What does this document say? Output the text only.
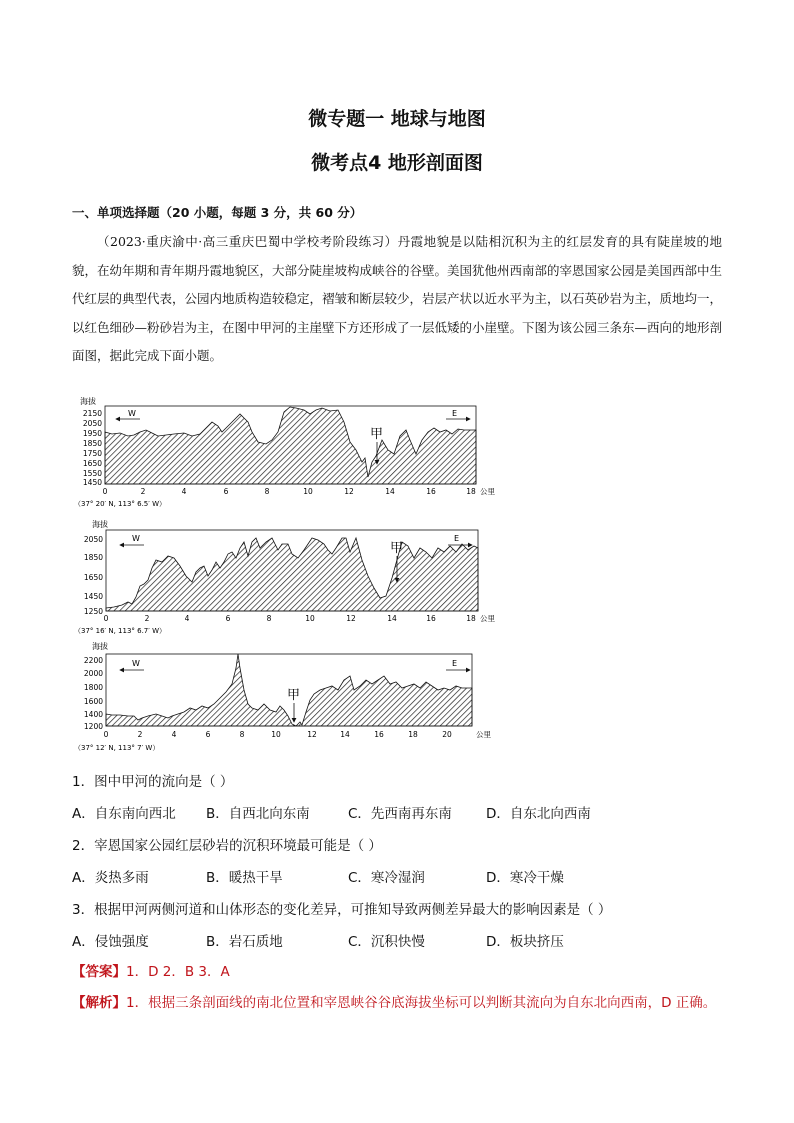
微专题一 地球与地图
微考点4 地形剖面图
一、单项选择题（20 小题，每题 3 分，共 60 分）

（2023·重庆渝中·高三重庆巴蜀中学校考阶段练习）丹霞地貌是以陆相沉积为主的红层发育的具有陡崖坡的地貌，在幼年期和青年期丹霞地貌区，大部分陡崖坡构成峡谷的谷壁。美国犹他州西南部的宰恩国家公园是美国西部中生代红层的典型代表，公园内地质构造较稳定，褶皱和断层较少，岩层产状以近水平为主，以石英砂岩为主，质地均一，以红色细砂—粉砂岩为主，在图中甲河的主崖壁下方还形成了一层低矮的小崖壁。下图为该公园三条东—西向的地形剖面图，据此完成下面小题。

海拔
2150
2050
1950
1850
1750
1650
1550
1450
0	2	4	6	8	10	12	14	16	18 公里
（37° 20′ N, 113° 6.5′ W）
W	E
甲
海拔
2050
1850
1650
1450
1250
0	2	4	6	8	10	12	14	16	18 公里
（37° 16′ N, 113° 6.7′ W）
W	E
甲
海拔
2200
2000
1800
1600
1400
1200
0	2	4	6	8	10	12	14	16	18	20	公里
（37° 12′ N, 113° 7′ W）
W	E
甲
1．图中甲河的流向是（ ）
A．自东南向西北 B．自西北向东南	C．先西南再东南	D．自东北向西南
2．宰恩国家公园红层砂岩的沉积环境最可能是（ ）
A．炎热多雨	B．暖热干旱	C．寒冷湿润	D．寒冷干燥
3．根据甲河两侧河道和山体形态的变化差异，可推知导致两侧差异最大的影响因素是（ ）
A．侵蚀强度	B．岩石质地	C．沉积快慢	D．板块挤压
【答案】1．D 2．B 3．A
【解析】1．根据三条剖面线的南北位置和宰恩峡谷谷底海拔坐标可以判断其流向为自东北向西南，D 正确。
